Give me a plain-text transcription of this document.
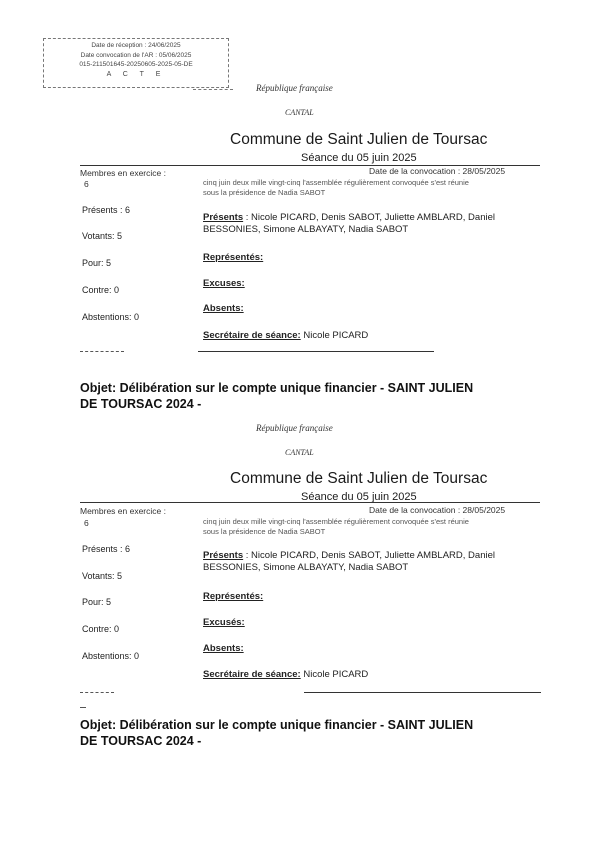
Date de réception : 24/06/2025
Date convocation de l'AR : 05/06/2025
015-211501645-20250605-2025-05-DE
A C T E
République française
CANTAL
Commune de Saint Julien de Toursac
Séance du 05 juin 2025
Membres en exercice :
6
Date de la convocation : 28/05/2025
cinq juin deux mille vingt-cinq l'assemblée régulièrement convoquée s'est réunie
sous la présidence de Nadia SABOT
Présents : 6
Votants: 5
Pour: 5
Contre: 0
Abstentions: 0
Présents : Nicole PICARD, Denis SABOT, Juliette AMBLARD, Daniel
BESSONIES, Simone ALBAYATY, Nadia SABOT
Représentés:
Excuses:
Absents:
Secrétaire de séance: Nicole PICARD
Objet: Délibération sur le compte unique financier - SAINT JULIEN
DE TOURSAC 2024 -
République française
CANTAL
Commune de Saint Julien de Toursac
Séance du 05 juin 2025
Membres en exercice :
6
Date de la convocation : 28/05/2025
cinq juin deux mille vingt-cinq l'assemblée régulièrement convoquée s'est réunie
sous la présidence de Nadia SABOT
Présents : 6
Votants: 5
Pour: 5
Contre: 0
Abstentions: 0
Présents : Nicole PICARD, Denis SABOT, Juliette AMBLARD, Daniel
BESSONIES, Simone ALBAYATY, Nadia SABOT
Représentés:
Excusés:
Absents:
Secrétaire de séance: Nicole PICARD
Objet: Délibération sur le compte unique financier - SAINT JULIEN
DE TOURSAC 2024 -
